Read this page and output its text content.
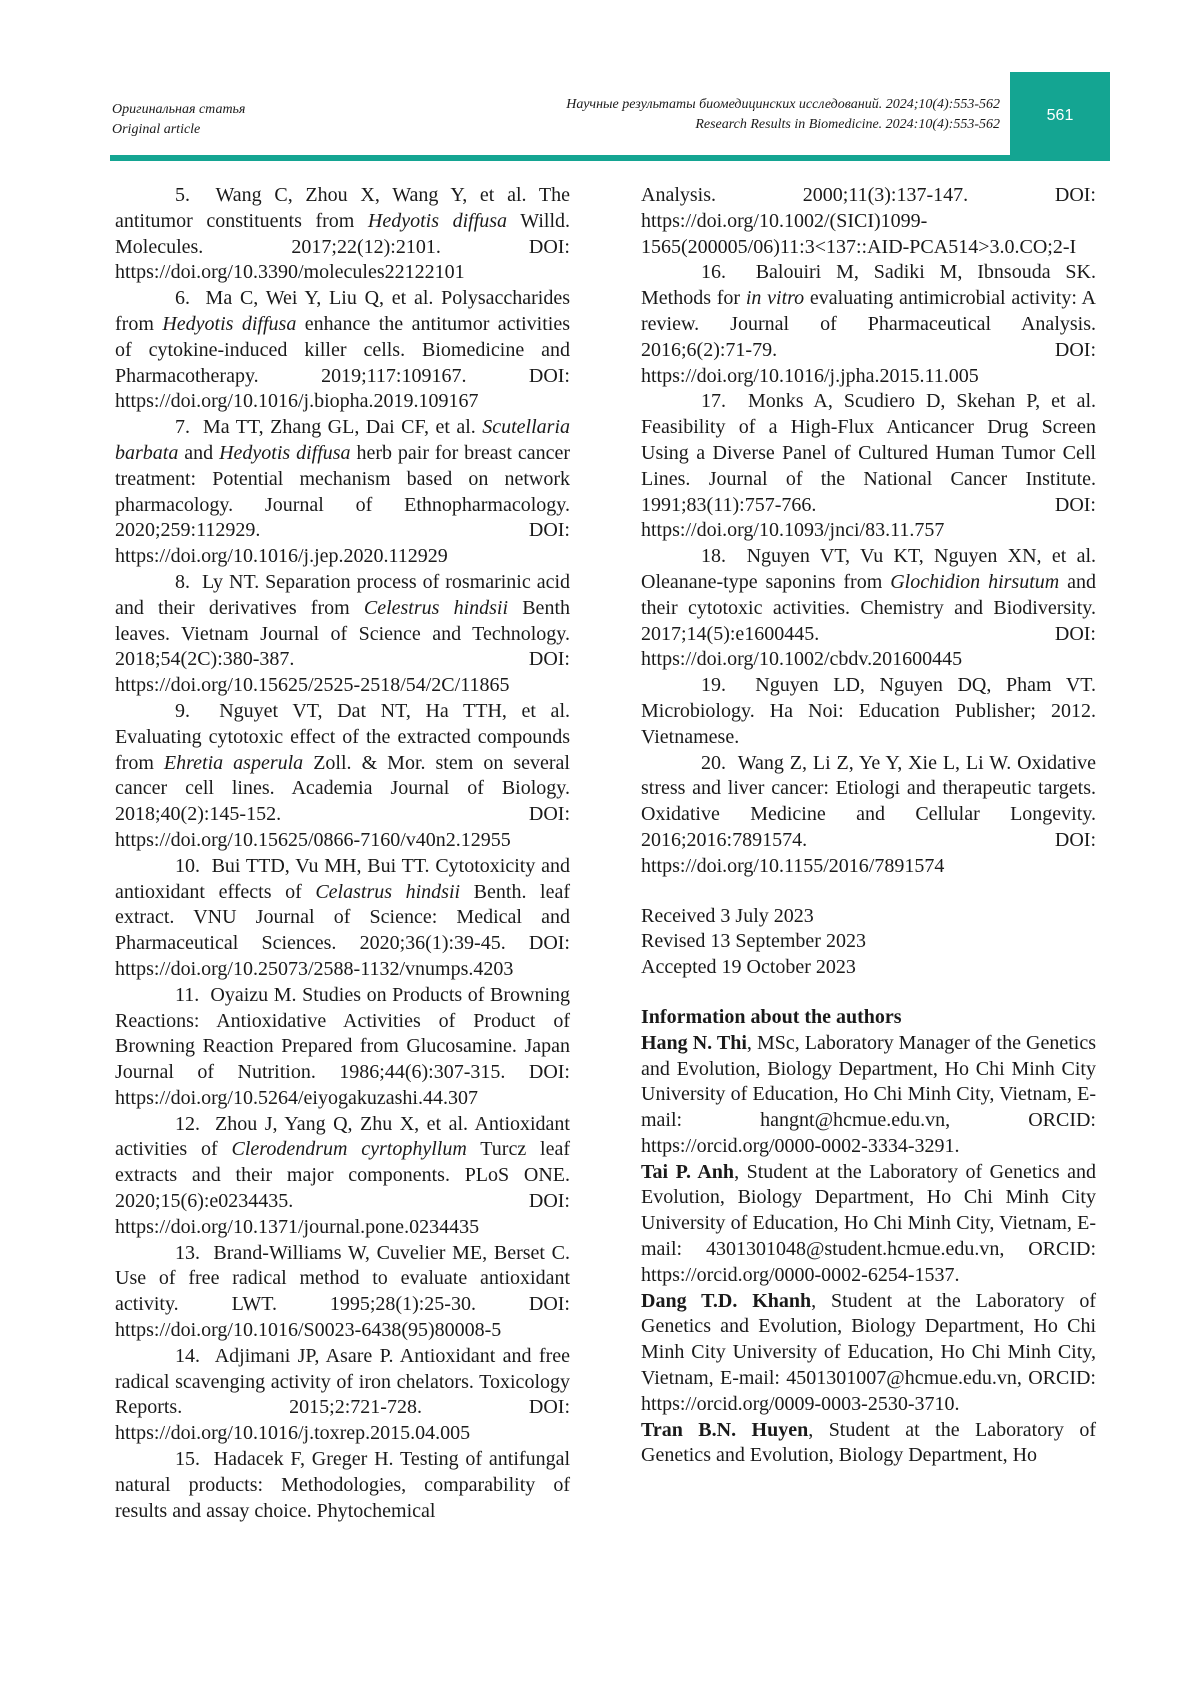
Оригинальная статья
Original article
Научные результаты биомедицинских исследований. 2024;10(4):553-562
Research Results in Biomedicine. 2024:10(4):553-562
561

5.  Wang C, Zhou X, Wang Y, et al. The antitumor constituents from Hedyotis diffusa Willd. Molecules. 2017;22(12):2101. DOI: https://doi.org/10.3390/molecules22122101

6.  Ma C, Wei Y, Liu Q, et al. Polysaccharides from Hedyotis diffusa enhance the antitumor activities of cytokine-induced killer cells. Biomedicine and Pharmacotherapy. 2019;117:109167. DOI: https://doi.org/10.1016/j.biopha.2019.109167

7.  Ma TT, Zhang GL, Dai CF, et al. Scutellaria barbata and Hedyotis diffusa herb pair for breast cancer treatment: Potential mechanism based on network pharmacology. Journal of Ethnopharmacology. 2020;259:112929. DOI: https://doi.org/10.1016/j.jep.2020.112929

8.  Ly NT. Separation process of rosmarinic acid and their derivatives from Celestrus hindsii Benth leaves. Vietnam Journal of Science and Technology. 2018;54(2C):380-387. DOI: https://doi.org/10.15625/2525-2518/54/2C/11865

9.  Nguyet VT, Dat NT, Ha TTH, et al. Evaluating cytotoxic effect of the extracted compounds from Ehretia asperula Zoll. & Mor. stem on several cancer cell lines. Academia Journal of Biology. 2018;40(2):145-152. DOI: https://doi.org/10.15625/0866-7160/v40n2.12955

10.  Bui TTD, Vu MH, Bui TT. Cytotoxicity and antioxidant effects of Celastrus hindsii Benth. leaf extract. VNU Journal of Science: Medical and Pharmaceutical Sciences. 2020;36(1):39-45. DOI: https://doi.org/10.25073/2588-1132/vnumps.4203

11.  Oyaizu M. Studies on Products of Browning Reactions: Antioxidative Activities of Product of Browning Reaction Prepared from Glucosamine. Japan Journal of Nutrition. 1986;44(6):307-315. DOI: https://doi.org/10.5264/eiyogakuzashi.44.307

12.  Zhou J, Yang Q, Zhu X, et al. Antioxidant activities of Clerodendrum cyrtophyllum Turcz leaf extracts and their major components. PLoS ONE. 2020;15(6):e0234435. DOI: https://doi.org/10.1371/journal.pone.0234435

13.  Brand-Williams W, Cuvelier ME, Berset C. Use of free radical method to evaluate antioxidant activity. LWT. 1995;28(1):25-30. DOI: https://doi.org/10.1016/S0023-6438(95)80008-5

14.  Adjimani JP, Asare P. Antioxidant and free radical scavenging activity of iron chelators. Toxicology Reports. 2015;2:721-728. DOI: https://doi.org/10.1016/j.toxrep.2015.04.005

15.  Hadacek F, Greger H. Testing of antifungal natural products: Methodologies, comparability of results and assay choice. Phytochemical

Analysis. 2000;11(3):137-147. DOI: https://doi.org/10.1002/(SICI)1099-1565(200005/06)11:3<137::AID-PCA514>3.0.CO;2-I

16.  Balouiri M, Sadiki M, Ibnsouda SK. Methods for in vitro evaluating antimicrobial activity: A review. Journal of Pharmaceutical Analysis. 2016;6(2):71-79. DOI: https://doi.org/10.1016/j.jpha.2015.11.005

17.  Monks A, Scudiero D, Skehan P, et al. Feasibility of a High-Flux Anticancer Drug Screen Using a Diverse Panel of Cultured Human Tumor Cell Lines. Journal of the National Cancer Institute. 1991;83(11):757-766. DOI: https://doi.org/10.1093/jnci/83.11.757

18.  Nguyen VT, Vu KT, Nguyen XN, et al. Oleanane-type saponins from Glochidion hirsutum and their cytotoxic activities. Chemistry and Biodiversity. 2017;14(5):e1600445. DOI: https://doi.org/10.1002/cbdv.201600445

19.  Nguyen LD, Nguyen DQ, Pham VT. Microbiology. Ha Noi: Education Publisher; 2012. Vietnamese.

20.  Wang Z, Li Z, Ye Y, Xie L, Li W. Oxidative stress and liver cancer: Etiologi and therapeutic targets. Oxidative Medicine and Cellular Longevity. 2016;2016:7891574. DOI: https://doi.org/10.1155/2016/7891574

Received 3 July 2023
Revised 13 September 2023
Accepted 19 October 2023
Information about the authors

Hang N. Thi, MSc, Laboratory Manager of the Genetics and Evolution, Biology Department, Ho Chi Minh City University of Education, Ho Chi Minh City, Vietnam, E-mail: hangnt@hcmue.edu.vn, ORCID: https://orcid.org/0000-0002-3334-3291.

Tai P. Anh, Student at the Laboratory of Genetics and Evolution, Biology Department, Ho Chi Minh City University of Education, Ho Chi Minh City, Vietnam, E-mail: 4301301048@student.hcmue.edu.vn, ORCID: https://orcid.org/0000-0002-6254-1537.

Dang T.D. Khanh, Student at the Laboratory of Genetics and Evolution, Biology Department, Ho Chi Minh City University of Education, Ho Chi Minh City, Vietnam, E-mail: 4501301007@hcmue.edu.vn, ORCID: https://orcid.org/0009-0003-2530-3710.

Tran B.N. Huyen, Student at the Laboratory of Genetics and Evolution, Biology Department, Ho
